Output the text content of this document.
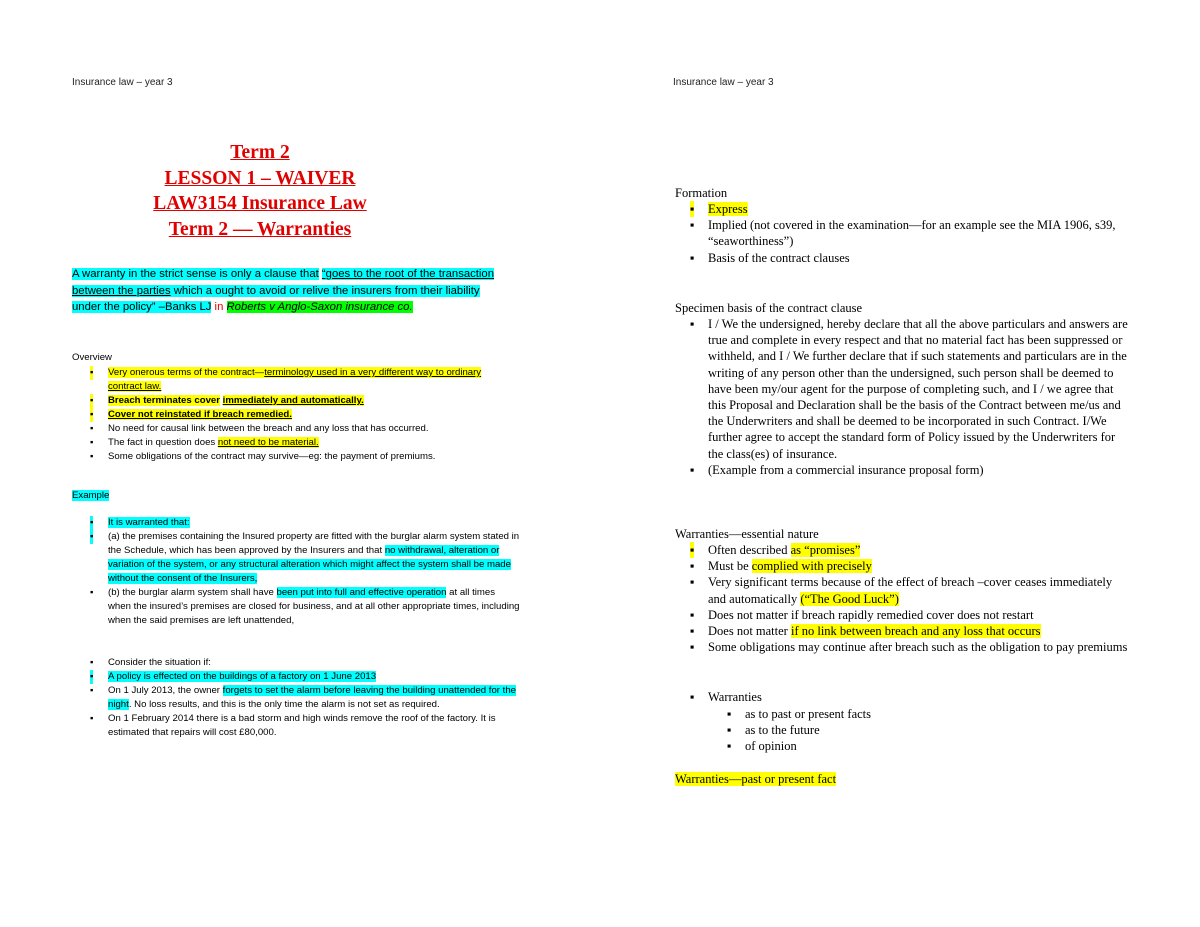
Insurance law – year 3
Term 2
LESSON 1 – WAIVER
LAW3154 Insurance Law
Term 2 — Warranties
A warranty in the strict sense is only a clause that “goes to the root of the transaction between the parties which a ought to avoid or relive the insurers from their liability under the policy” –Banks LJ in Roberts v Anglo-Saxon insurance co.
Overview
▪ Very onerous terms of the contract—terminology used in a very different way to ordinary contract law.
▪ Breach terminates cover immediately and automatically.
▪ Cover not reinstated if breach remedied.
▪ No need for causal link between the breach and any loss that has occurred.
▪ The fact in question does not need to be material.
▪ Some obligations of the contract may survive—eg: the payment of premiums.
Example
▪ It is warranted that:
▪ (a) the premises containing the Insured property are fitted with the burglar alarm system stated in the Schedule, which has been approved by the Insurers and that no withdrawal, alteration or variation of the system, or any structural alteration which might affect the system shall be made without the consent of the Insurers,
▪ (b) the burglar alarm system shall have been put into full and effective operation at all times when the insured’s premises are closed for business, and at all other appropriate times, including when the said premises are left unattended,
▪ Consider the situation if:
▪ A policy is effected on the buildings of a factory on 1 June 2013
▪ On 1 July 2013, the owner forgets to set the alarm before leaving the building unattended for the night. No loss results, and this is the only time the alarm is not set as required.
▪ On 1 February 2014 there is a bad storm and high winds remove the roof of the factory. It is estimated that repairs will cost £80,000.
Insurance law – year 3
Formation
▪ Express
▪ Implied (not covered in the examination—for an example see the MIA 1906, s39, “seaworthiness”)
▪ Basis of the contract clauses
Specimen basis of the contract clause
▪ I / We the undersigned, hereby declare that all the above particulars and answers are true and complete in every respect and that no material fact has been suppressed or withheld, and I / We further declare that if such statements and particulars are in the writing of any person other than the undersigned, such person shall be deemed to have been my/our agent for the purpose of completing such, and I / we agree that this Proposal and Declaration shall be the basis of the Contract between me/us and the Underwriters and shall be deemed to be incorporated in such Contract. I/We further agree to accept the standard form of Policy issued by the Underwriters for the class(es) of insurance.
▪ (Example from a commercial insurance proposal form)
Warranties—essential nature
▪ Often described as “promises”
▪ Must be complied with precisely
▪ Very significant terms because of the effect of breach –cover ceases immediately and automatically (“The Good Luck”)
▪ Does not matter if breach rapidly remedied cover does not restart
▪ Does not matter if no link between breach and any loss that occurs
▪ Some obligations may continue after breach such as the obligation to pay premiums
▪ Warranties
▪ as to past or present facts
▪ as to the future
▪ of opinion
Warranties—past or present fact
